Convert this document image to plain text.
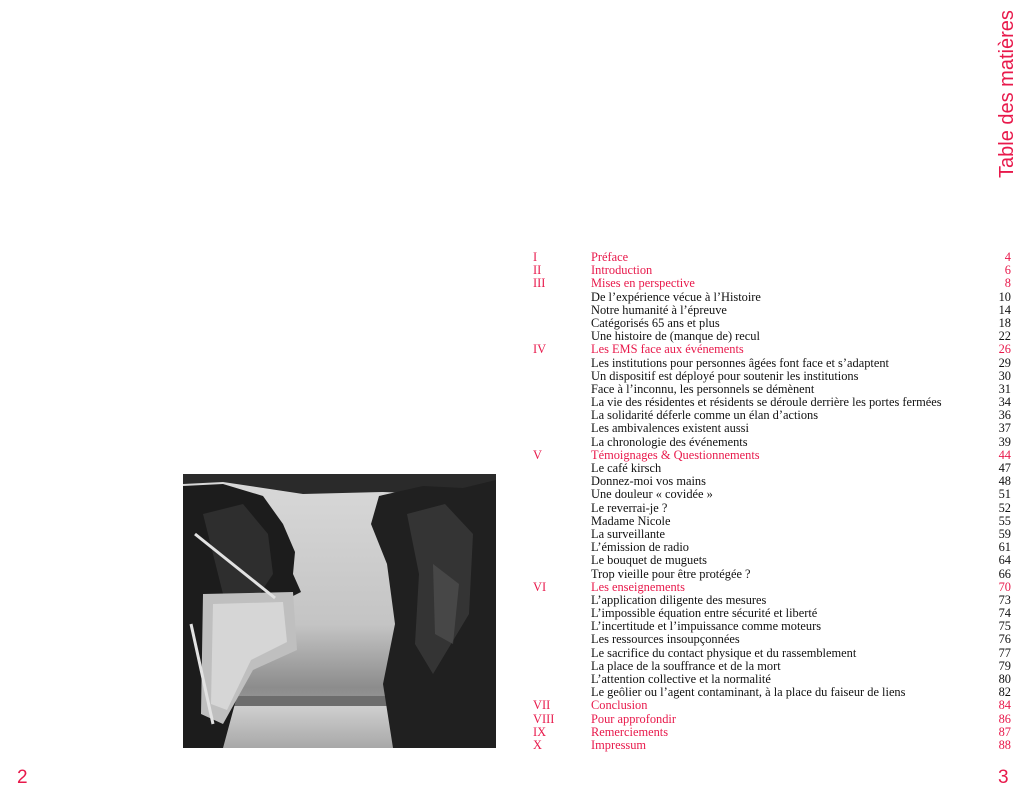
Table des matières
I	Préface	4
II	Introduction	6
III	Mises en perspective	8
De l’expérience vécue à l’Histoire	10
Notre humanité à l’épreuve	14
Catégorisés 65 ans et plus	18
Une histoire de (manque de) recul	22
IV	Les EMS face aux événements	26
Les institutions pour personnes âgées font face et s’adaptent	29
Un dispositif est déployé pour soutenir les institutions	30
Face à l’inconnu, les personnels se démènent	31
La vie des résidentes et résidents se déroule derrière les portes fermées	34
La solidarité déferle comme un élan d’actions	36
Les ambivalences existent aussi	37
La chronologie des événements	39
V	Témoignages & Questionnements	44
Le café kirsch	47
Donnez-moi vos mains	48
Une douleur « covidée »	51
Le reverrai-je ?	52
Madame Nicole	55
La surveillante	59
L’émission de radio	61
Le bouquet de muguets	64
Trop vieille pour être protégée ?	66
VI	Les enseignements	70
L’application diligente des mesures	73
L’impossible équation entre sécurité et liberté	74
L’incertitude et l’impuissance comme moteurs	75
Les ressources insoupçonnées	76
Le sacrifice du contact physique et du rassemblement	77
La place de la souffrance et de la mort	79
L’attention collective et la normalité	80
Le geôlier ou l’agent contaminant, à la place du faiseur de liens	82
VII	Conclusion	84
VIII	Pour approfondir	86
IX	Remerciements	87
X	Impressum	88
2	3
